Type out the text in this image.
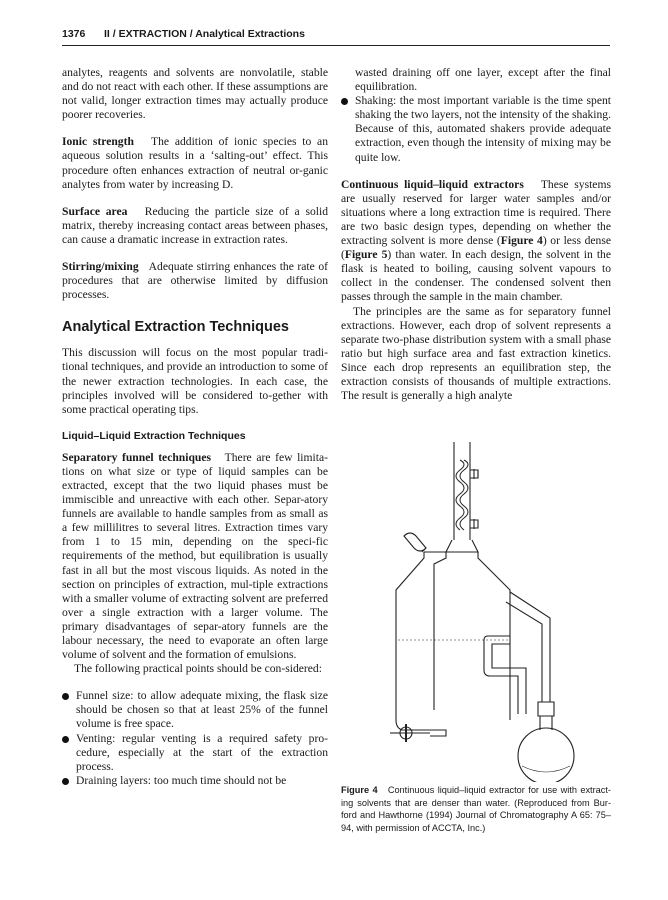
1376 II / EXTRACTION / Analytical Extractions

analytes, reagents and solvents are nonvolatile, stable and do not react with each other. If these assumptions are not valid, longer extraction times may actually produce poorer recoveries.

Ionic strength The addition of ionic species to an aqueous solution results in a ‘salting-out’ effect. This procedure often enhances extraction of neutral or-ganic analytes from water by increasing D.

Surface area Reducing the particle size of a solid matrix, thereby increasing contact areas between phases, can cause a dramatic increase in extraction rates.

Stirring/mixing Adequate stirring enhances the rate of procedures that are otherwise limited by diffusion processes.

Analytical Extraction Techniques

This discussion will focus on the most popular tradi-tional techniques, and provide an introduction to some of the newer extraction technologies. In each case, the principles involved will be considered to-gether with some practical operating tips.

Liquid–Liquid Extraction Techniques

Separatory funnel techniques There are few limita-tions on what size or type of liquid samples can be extracted, except that the two liquid phases must be immiscible and unreactive with each other. Separ-atory funnels are available to handle samples from as small as a few millilitres to several litres. Extraction times vary from 1 to 15 min, depending on the speci-fic requirements of the method, but equilibration is usually fast in all but the most viscous liquids. As noted in the section on principles of extraction, mul-tiple extractions with a smaller volume of extracting solvent are preferred over a single extraction with a larger volume. The primary disadvantages of separ-atory funnels are the labour necessary, the need to evaporate an often large volume of solvent and the formation of emulsions.

The following practical points should be con-sidered:

Funnel size: to allow adequate mixing, the flask size should be chosen so that at least 25% of the funnel volume is free space.
Venting: regular venting is a required safety pro-cedure, especially at the start of the extraction process.
Draining layers: too much time should not be

wasted draining off one layer, except after the final equilibration.

Shaking: the most important variable is the time spent shaking the two layers, not the intensity of the shaking. Because of this, automated shakers provide adequate extraction, even though the intensity of mixing may be quite low.

Continuous liquid–liquid extractors These systems are usually reserved for larger water samples and/or situations where a long extraction time is required. There are two basic design types, depending on whether the extracting solvent is more dense (Figure 4) or less dense (Figure 5) than water. In each design, the solvent in the flask is heated to boiling, causing solvent vapours to collect in the condenser. The condensed solvent then passes through the sample in the main chamber.

The principles are the same as for separatory funnel extractions. However, each drop of solvent represents a separate two-phase distribution system with a small phase ratio but high surface area and fast extraction kinetics. Since each drop represents an equilibration step, the extraction consists of thousands of multiple extractions. The result is generally a high analyte

Figure 4 Continuous liquid–liquid extractor for use with extract-ing solvents that are denser than water. (Reproduced from Bur-ford and Hawthorne (1994) Journal of Chromatography A 65: 75–94, with permission of ACCTA, Inc.)
